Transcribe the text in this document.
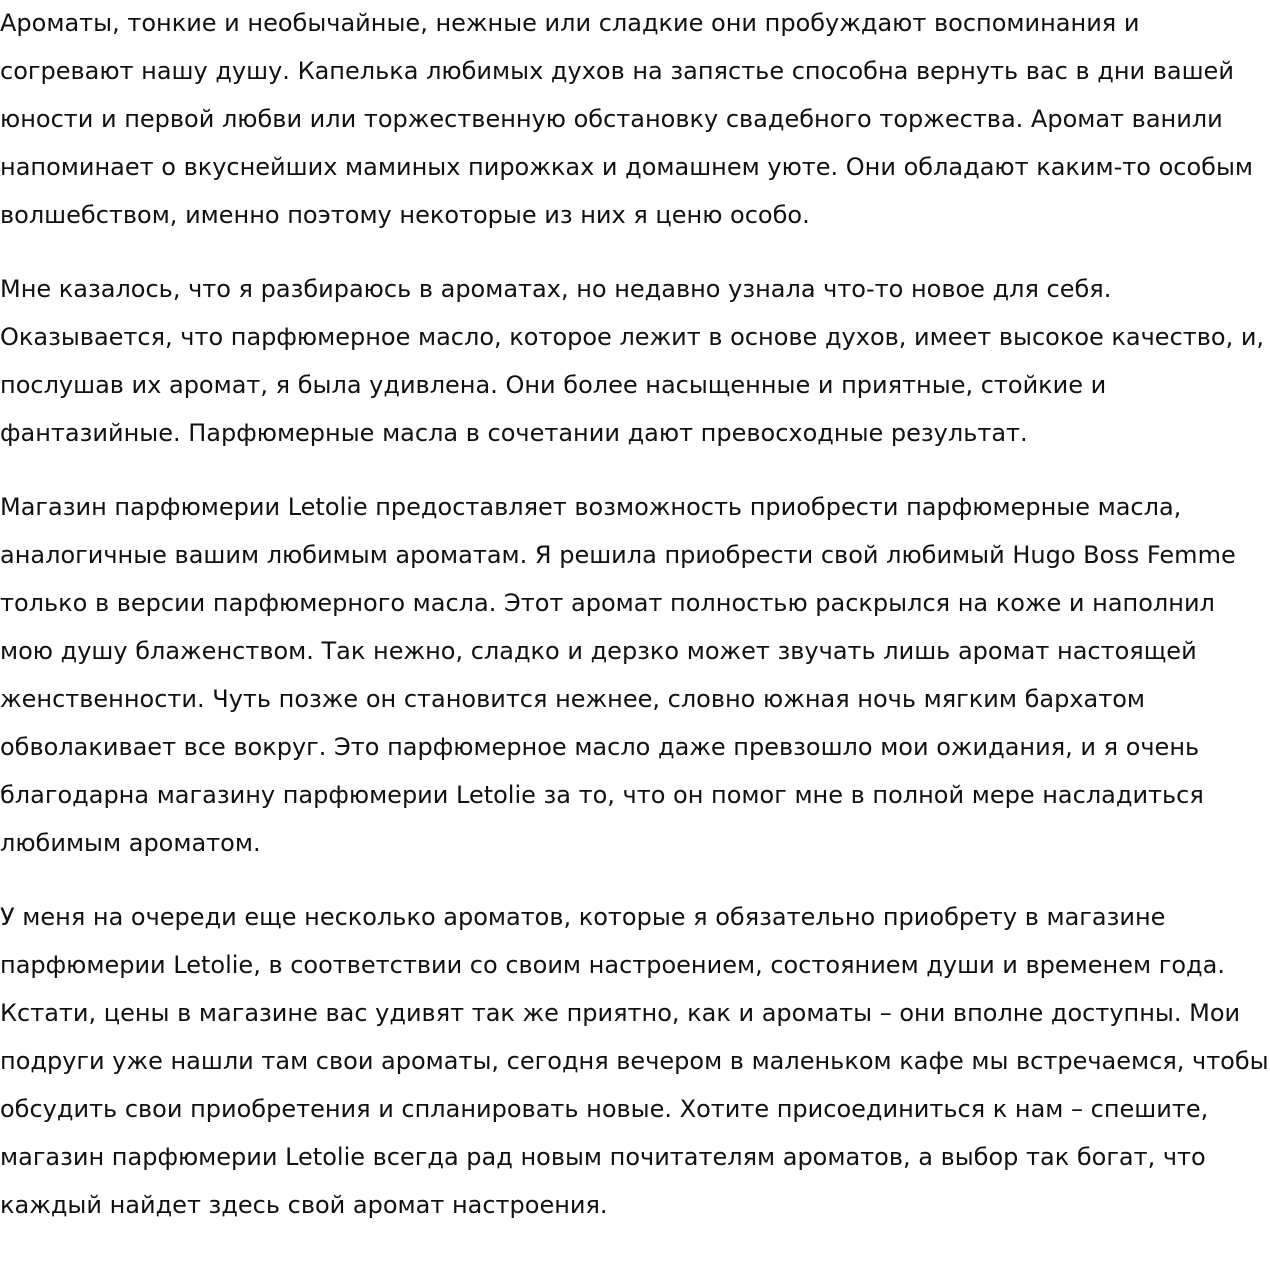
Ароматы, тонкие и необычайные, нежные или сладкие они пробуждают воспоминания и согревают нашу душу. Капелька любимых духов на запястье способна вернуть вас в дни вашей юности и первой любви или торжественную обстановку свадебного торжества. Аромат ванили напоминает о вкуснейших маминых пирожках и домашнем уюте. Они обладают каким-то особым волшебством, именно поэтому некоторые из них я ценю особо.

Мне казалось, что я разбираюсь в ароматах, но недавно узнала что-то новое для себя. Оказывается, что парфюмерное масло, которое лежит в основе духов, имеет высокое качество, и, послушав их аромат, я была удивлена. Они более насыщенные и приятные, стойкие и фантазийные. Парфюмерные масла в сочетании дают превосходные результат.

Магазин парфюмерии Letolie предоставляет возможность приобрести парфюмерные масла, аналогичные вашим любимым ароматам. Я решила приобрести свой любимый Hugo Boss Femme только в версии парфюмерного масла. Этот аромат полностью раскрылся на коже и наполнил мою душу блаженством. Так нежно, сладко и дерзко может звучать лишь аромат настоящей женственности. Чуть позже он становится нежнее, словно южная ночь мягким бархатом обволакивает все вокруг. Это парфюмерное масло даже превзошло мои ожидания, и я очень благодарна магазину парфюмерии Letolie за то, что он помог мне в полной мере насладиться любимым ароматом.

У меня на очереди еще несколько ароматов, которые я обязательно приобрету в магазине парфюмерии Letolie, в соответствии со своим настроением, состоянием души и временем года. Кстати, цены в магазине вас удивят так же приятно, как и ароматы – они вполне доступны. Мои подруги уже нашли там свои ароматы, сегодня вечером в маленьком кафе мы встречаемся, чтобы обсудить свои приобретения и спланировать новые. Хотите присоединиться к нам – спешите, магазин парфюмерии Letolie всегда рад новым почитателям ароматов, а выбор так богат, что каждый найдет здесь свой аромат настроения.
